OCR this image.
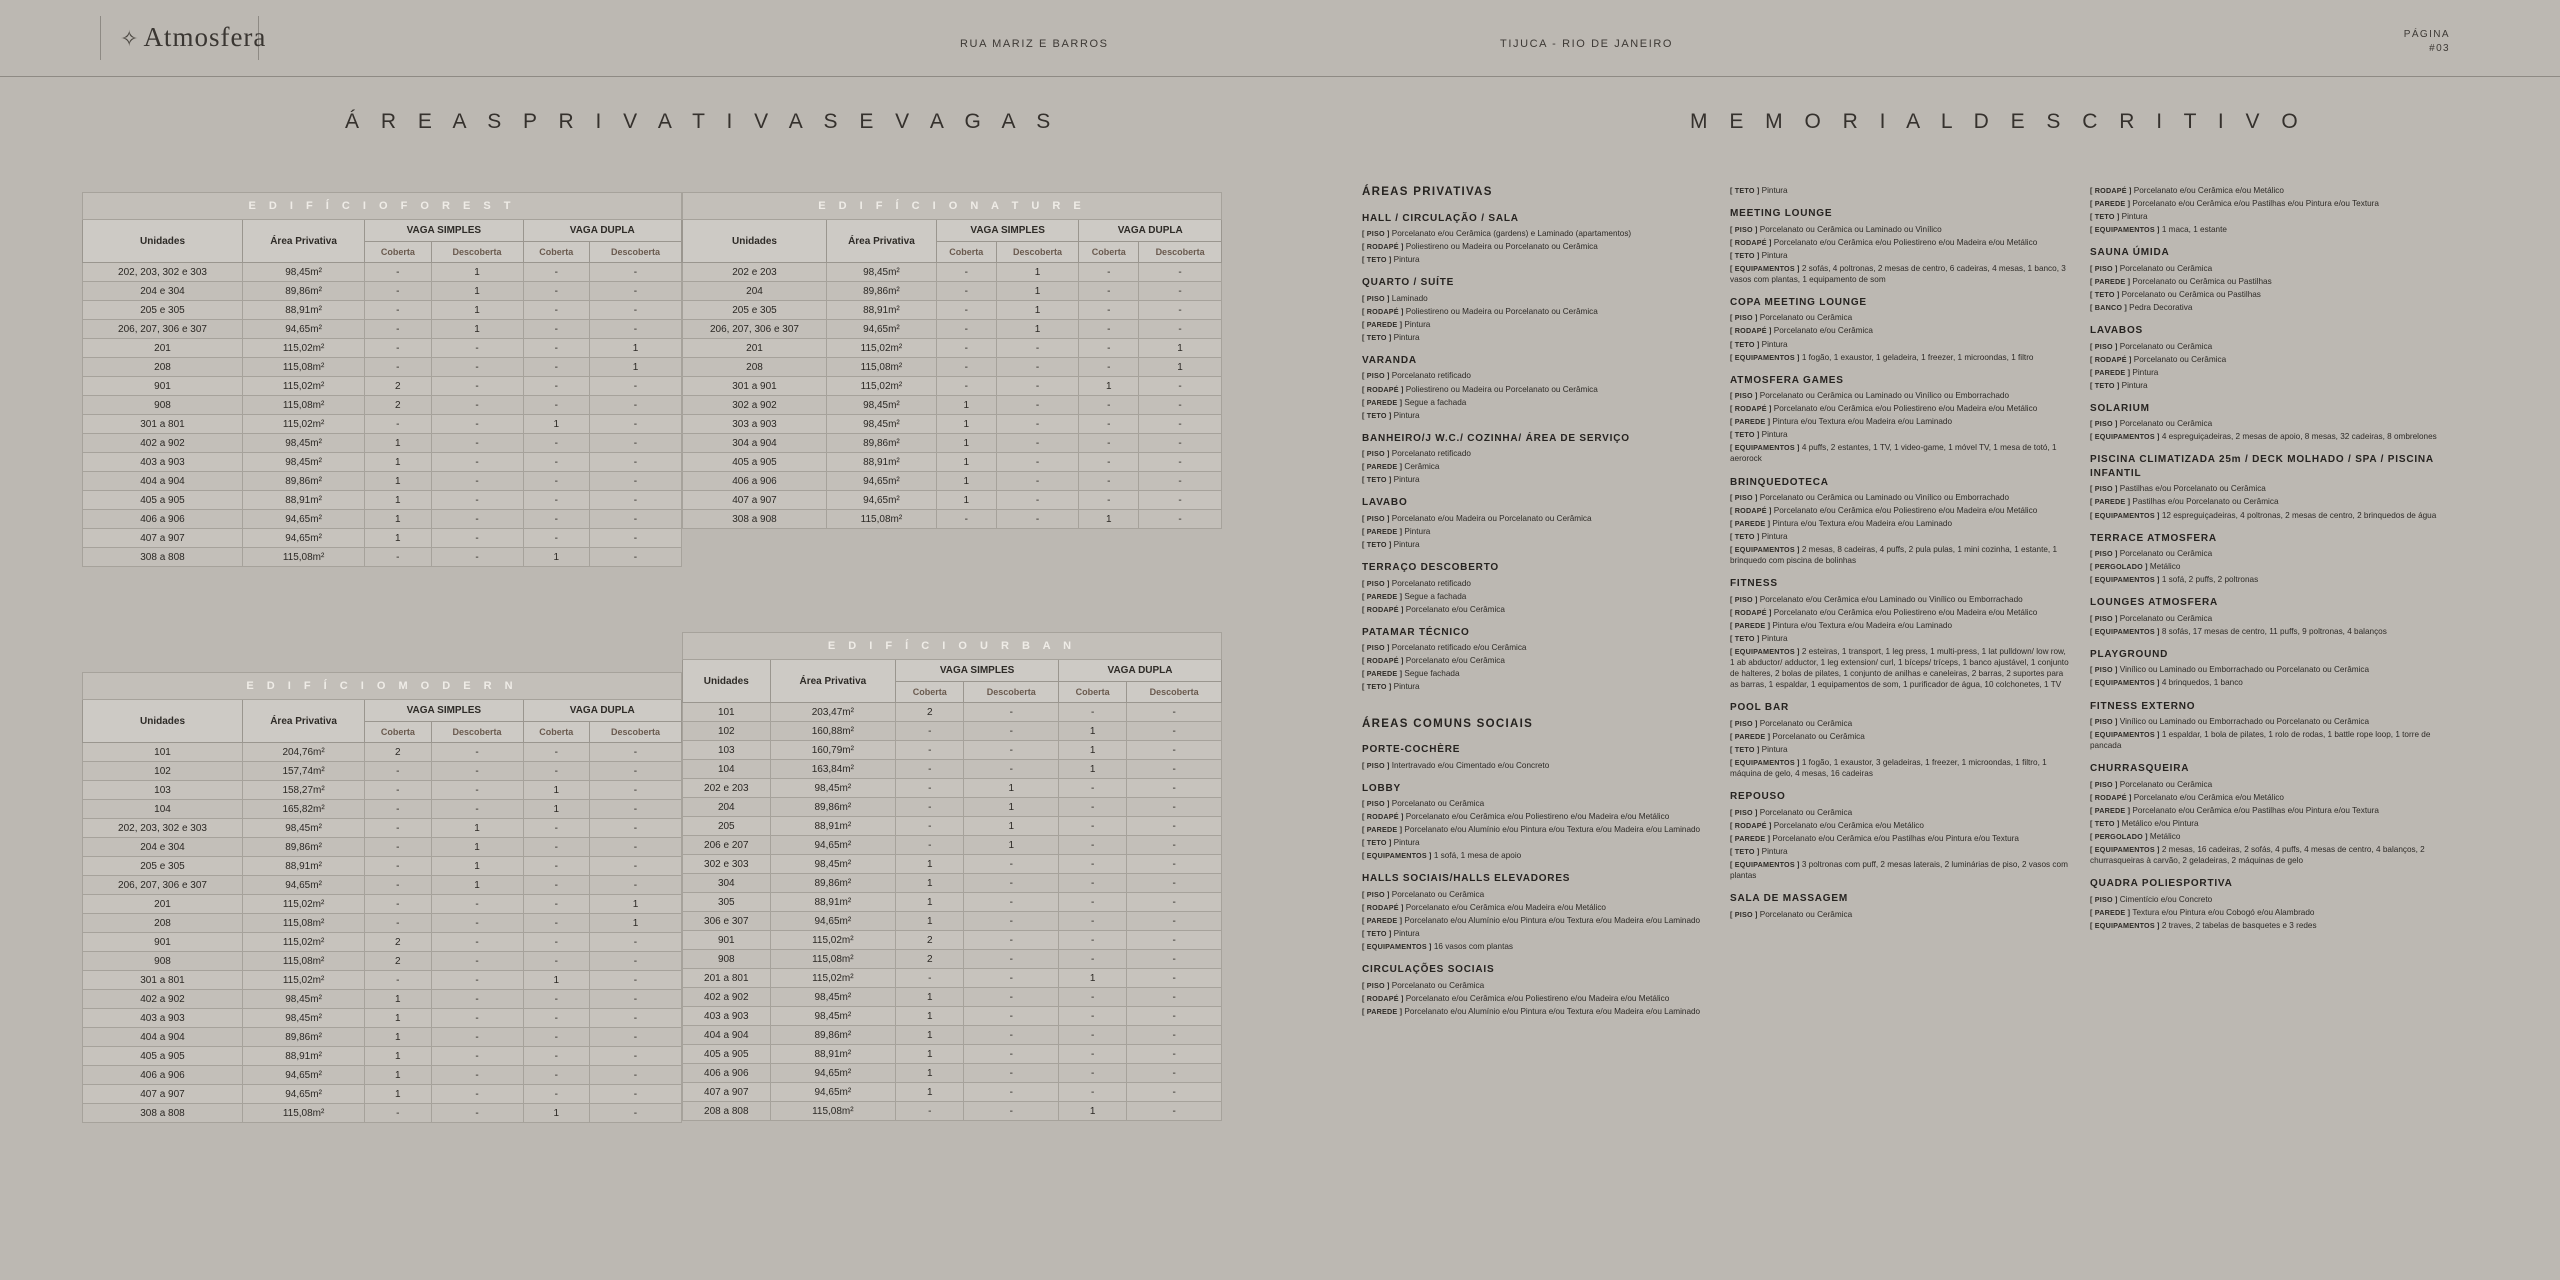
✧ Atmosfera	RUA MARIZ E BARROS	TIJUCA - RIO DE JANEIRO
PÁGINA
#03
Á R E A S P R I V A T I V A S E V A G A S	M E M O R I A L D E S C R I T I V O
E D I F Í C I O F O R E S T					
Unidades	Área Privativa	VAGA SIMPLES		VAGA DUPLA	
		Coberta	Descoberta	Coberta	Descoberta
202, 203, 302 e 303	98,45m²	-	1	-	-
204 e 304	89,86m²	-	1	-	-
205 e 305	88,91m²	-	1	-	-
206, 207, 306 e 307	94,65m²	-	1	-	-
201	115,02m²	-	-	-	1
208	115,08m²	-	-	-	1
901	115,02m²	2	-	-	-
908	115,08m²	2	-	-	-
301 a 801	115,02m²	-	-	1	-
402 a 902	98,45m²	1	-	-	-
403 a 903	98,45m²	1	-	-	-
404 a 904	89,86m²	1	-	-	-
405 a 905	88,91m²	1	-	-	-
406 a 906	94,65m²	1	-	-	-
407 a 907	94,65m²	1	-	-	-
308 a 808	115,08m²	-	-	1	-
E D I F Í C I O N A T U R E					
Unidades	Área Privativa	VAGA SIMPLES		VAGA DUPLA	
		Coberta	Descoberta	Coberta	Descoberta
202 e 203	98,45m²	-	1	-	-
204	89,86m²	-	1	-	-
205 e 305	88,91m²	-	1	-	-
206, 207, 306 e 307	94,65m²	-	1	-	-
201	115,02m²	-	-	-	1
208	115,08m²	-	-	-	1
301 a 901	115,02m²	-	-	1	-
302 a 902	98,45m²	1	-	-	-
303 a 903	98,45m²	1	-	-	-
304 a 904	89,86m²	1	-	-	-
405 a 905	88,91m²	1	-	-	-
406 a 906	94,65m²	1	-	-	-
407 a 907	94,65m²	1	-	-	-
308 a 908	115,08m²	-	-	1	-
E D I F Í C I O M O D E R N					
Unidades	Área Privativa	VAGA SIMPLES		VAGA DUPLA	
		Coberta	Descoberta	Coberta	Descoberta
101	204,76m²	2	-	-	-
102	157,74m²	-	-	-	-
103	158,27m²	-	-	1	-
104	165,82m²	-	-	1	-
202, 203, 302 e 303	98,45m²	-	1	-	-
204 e 304	89,86m²	-	1	-	-
205 e 305	88,91m²	-	1	-	-
206, 207, 306 e 307	94,65m²	-	1	-	-
201	115,02m²	-	-	-	1
208	115,08m²	-	-	-	1
901	115,02m²	2	-	-	-
908	115,08m²	2	-	-	-
301 a 801	115,02m²	-	-	1	-
402 a 902	98,45m²	1	-	-	-
403 a 903	98,45m²	1	-	-	-
404 a 904	89,86m²	1	-	-	-
405 a 905	88,91m²	1	-	-	-
406 a 906	94,65m²	1	-	-	-
407 a 907	94,65m²	1	-	-	-
308 a 808	115,08m²	-	-	1	-
E D I F Í C I O U R B A N					
Unidades	Área Privativa	VAGA SIMPLES		VAGA DUPLA	
		Coberta	Descoberta	Coberta	Descoberta
101	203,47m²	2	-	-	-
102	160,88m²	-	-	1	-
103	160,79m²	-	-	1	-
104	163,84m²	-	-	1	-
202 e 203	98,45m²	-	1	-	-
204	89,86m²	-	1	-	-
205	88,91m²	-	1	-	-
206 e 207	94,65m²	-	1	-	-
302 e 303	98,45m²	1	-	-	-
304	89,86m²	1	-	-	-
305	88,91m²	1	-	-	-
306 e 307	94,65m²	1	-	-	-
901	115,02m²	2	-	-	-
908	115,08m²	2	-	-	-
201 a 801	115,02m²	-	-	1	-
402 a 902	98,45m²	1	-	-	-
403 a 903	98,45m²	1	-	-	-
404 a 904	89,86m²	1	-	-	-
405 a 905	88,91m²	1	-	-	-
406 a 906	94,65m²	1	-	-	-
407 a 907	94,65m²	1	-	-	-
208 a 808	115,08m²	-	-	1	-
ÁREAS PRIVATIVAS
HALL / CIRCULAÇÃO / SALA

[ PISO ] Porcelanato e/ou Cerâmica (gardens) e Laminado (apartamentos)

[ RODAPÉ ] Poliestireno ou Madeira ou Porcelanato ou Cerâmica

[ TETO ] Pintura

QUARTO / SUÍTE

[ PISO ] Laminado

[ RODAPÉ ] Poliestireno ou Madeira ou Porcelanato ou Cerâmica

[ PAREDE ] Pintura

[ TETO ] Pintura

VARANDA

[ PISO ] Porcelanato retificado

[ RODAPÉ ] Poliestireno ou Madeira ou Porcelanato ou Cerâmica

[ PAREDE ] Segue a fachada

[ TETO ] Pintura

BANHEIRO/J W.C./ COZINHA/ ÁREA DE SERVIÇO

[ PISO ] Porcelanato retificado

[ PAREDE ] Cerâmica

[ TETO ] Pintura

LAVABO

[ PISO ] Porcelanato e/ou Madeira ou Porcelanato ou Cerâmica

[ PAREDE ] Pintura

[ TETO ] Pintura

TERRAÇO DESCOBERTO

[ PISO ] Porcelanato retificado

[ PAREDE ] Segue a fachada

[ RODAPÉ ] Porcelanato e/ou Cerâmica

PATAMAR TÉCNICO

[ PISO ] Porcelanato retificado e/ou Cerâmica

[ RODAPÉ ] Porcelanato e/ou Cerâmica

[ PAREDE ] Segue fachada

[ TETO ] Pintura

ÁREAS COMUNS SOCIAIS
PORTE-COCHÈRE

[ PISO ] Intertravado e/ou Cimentado e/ou Concreto

LOBBY

[ PISO ] Porcelanato ou Cerâmica

[ RODAPÉ ] Porcelanato e/ou Cerâmica e/ou Poliestireno e/ou Madeira e/ou Metálico

[ PAREDE ] Porcelanato e/ou Alumínio e/ou Pintura e/ou Textura e/ou Madeira e/ou Laminado

[ TETO ] Pintura

[ EQUIPAMENTOS ] 1 sofá, 1 mesa de apoio

HALLS SOCIAIS/HALLS ELEVADORES

[ PISO ] Porcelanato ou Cerâmica

[ RODAPÉ ] Porcelanato e/ou Cerâmica e/ou Madeira e/ou Metálico

[ PAREDE ] Porcelanato e/ou Alumínio e/ou Pintura e/ou Textura e/ou Madeira e/ou Laminado

[ TETO ] Pintura

[ EQUIPAMENTOS ] 16 vasos com plantas

CIRCULAÇÕES SOCIAIS

[ PISO ] Porcelanato ou Cerâmica

[ RODAPÉ ] Porcelanato e/ou Cerâmica e/ou Poliestireno e/ou Madeira e/ou Metálico

[ PAREDE ] Porcelanato e/ou Alumínio e/ou Pintura e/ou Textura e/ou Madeira e/ou Laminado

[ TETO ] Pintura

MEETING LOUNGE

[ PISO ] Porcelanato ou Cerâmica ou Laminado ou Vinílico

[ RODAPÉ ] Porcelanato e/ou Cerâmica e/ou Poliestireno e/ou Madeira e/ou Metálico

[ TETO ] Pintura

[ EQUIPAMENTOS ] 2 sofás, 4 poltronas, 2 mesas de centro, 6 cadeiras, 4 mesas, 1 banco, 3 vasos com plantas, 1 equipamento de som

COPA MEETING LOUNGE

[ PISO ] Porcelanato ou Cerâmica

[ RODAPÉ ] Porcelanato e/ou Cerâmica

[ TETO ] Pintura

[ EQUIPAMENTOS ] 1 fogão, 1 exaustor, 1 geladeira, 1 freezer, 1 microondas, 1 filtro

ATMOSFERA GAMES

[ PISO ] Porcelanato ou Cerâmica ou Laminado ou Vinílico ou Emborrachado

[ RODAPÉ ] Porcelanato e/ou Cerâmica e/ou Poliestireno e/ou Madeira e/ou Metálico

[ PAREDE ] Pintura e/ou Textura e/ou Madeira e/ou Laminado

[ TETO ] Pintura

[ EQUIPAMENTOS ] 4 puffs, 2 estantes, 1 TV, 1 video-game, 1 móvel TV, 1 mesa de totó, 1 aerorock

BRINQUEDOTECA

[ PISO ] Porcelanato ou Cerâmica ou Laminado ou Vinílico ou Emborrachado

[ RODAPÉ ] Porcelanato e/ou Cerâmica e/ou Poliestireno e/ou Madeira e/ou Metálico

[ PAREDE ] Pintura e/ou Textura e/ou Madeira e/ou Laminado

[ TETO ] Pintura

[ EQUIPAMENTOS ] 2 mesas, 8 cadeiras, 4 puffs, 2 pula pulas, 1 mini cozinha, 1 estante, 1 brinquedo com piscina de bolinhas

FITNESS

[ PISO ] Porcelanato e/ou Cerâmica e/ou Laminado ou Vinílico ou Emborrachado

[ RODAPÉ ] Porcelanato e/ou Cerâmica e/ou Poliestireno e/ou Madeira e/ou Metálico

[ PAREDE ] Pintura e/ou Textura e/ou Madeira e/ou Laminado

[ TETO ] Pintura

[ EQUIPAMENTOS ] 2 esteiras, 1 transport, 1 leg press, 1 multi-press, 1 lat pulldown/ low row, 1 ab abductor/ adductor, 1 leg extension/ curl, 1 bíceps/ tríceps, 1 banco ajustável, 1 conjunto de halteres, 2 bolas de pilates, 1 conjunto de anilhas e caneleiras, 2 barras, 2 suportes para as barras, 1 espaldar, 1 equipamentos de som, 1 purificador de água, 10 colchonetes, 1 TV

POOL BAR

[ PISO ] Porcelanato ou Cerâmica

[ PAREDE ] Porcelanato ou Cerâmica

[ TETO ] Pintura

[ EQUIPAMENTOS ] 1 fogão, 1 exaustor, 3 geladeiras, 1 freezer, 1 microondas, 1 filtro, 1 máquina de gelo, 4 mesas, 16 cadeiras

REPOUSO

[ PISO ] Porcelanato ou Cerâmica

[ RODAPÉ ] Porcelanato e/ou Cerâmica e/ou Metálico

[ PAREDE ] Porcelanato e/ou Cerâmica e/ou Pastilhas e/ou Pintura e/ou Textura

[ TETO ] Pintura

[ EQUIPAMENTOS ] 3 poltronas com puff, 2 mesas laterais, 2 luminárias de piso, 2 vasos com plantas

SALA DE MASSAGEM

[ PISO ] Porcelanato ou Cerâmica

[ RODAPÉ ] Porcelanato e/ou Cerâmica e/ou Metálico

[ PAREDE ] Porcelanato e/ou Cerâmica e/ou Pastilhas e/ou Pintura e/ou Textura

[ TETO ] Pintura

[ EQUIPAMENTOS ] 1 maca, 1 estante

SAUNA ÚMIDA

[ PISO ] Porcelanato ou Cerâmica

[ PAREDE ] Porcelanato ou Cerâmica ou Pastilhas

[ TETO ] Porcelanato ou Cerâmica ou Pastilhas

[ BANCO ] Pedra Decorativa

LAVABOS

[ PISO ] Porcelanato ou Cerâmica

[ RODAPÉ ] Porcelanato ou Cerâmica

[ PAREDE ] Pintura

[ TETO ] Pintura

SOLARIUM

[ PISO ] Porcelanato ou Cerâmica

[ EQUIPAMENTOS ] 4 espreguiçadeiras, 2 mesas de apoio, 8 mesas, 32 cadeiras, 8 ombrelones

PISCINA CLIMATIZADA 25m / DECK MOLHADO / SPA / PISCINA INFANTIL

[ PISO ] Pastilhas e/ou Porcelanato ou Cerâmica

[ PAREDE ] Pastilhas e/ou Porcelanato ou Cerâmica

[ EQUIPAMENTOS ] 12 espreguiçadeiras, 4 poltronas, 2 mesas de centro, 2 brinquedos de água

TERRACE ATMOSFERA

[ PISO ] Porcelanato ou Cerâmica

[ PERGOLADO ] Metálico

[ EQUIPAMENTOS ] 1 sofá, 2 puffs, 2 poltronas

LOUNGES ATMOSFERA

[ PISO ] Porcelanato ou Cerâmica

[ EQUIPAMENTOS ] 8 sofás, 17 mesas de centro, 11 puffs, 9 poltronas, 4 balanços

PLAYGROUND

[ PISO ] Vinílico ou Laminado ou Emborrachado ou Porcelanato ou Cerâmica

[ EQUIPAMENTOS ] 4 brinquedos, 1 banco

FITNESS EXTERNO

[ PISO ] Vinílico ou Laminado ou Emborrachado ou Porcelanato ou Cerâmica

[ EQUIPAMENTOS ] 1 espaldar, 1 bola de pilates, 1 rolo de rodas, 1 battle rope loop, 1 torre de pancada

CHURRASQUEIRA

[ PISO ] Porcelanato ou Cerâmica

[ RODAPÉ ] Porcelanato e/ou Cerâmica e/ou Metálico

[ PAREDE ] Porcelanato e/ou Cerâmica e/ou Pastilhas e/ou Pintura e/ou Textura

[ TETO ] Metálico e/ou Pintura

[ PERGOLADO ] Metálico

[ EQUIPAMENTOS ] 2 mesas, 16 cadeiras, 2 sofás, 4 puffs, 4 mesas de centro, 4 balanços, 2 churrasqueiras à carvão, 2 geladeiras, 2 máquinas de gelo

QUADRA POLIESPORTIVA

[ PISO ] Cimentício e/ou Concreto

[ PAREDE ] Textura e/ou Pintura e/ou Cobogó e/ou Alambrado

[ EQUIPAMENTOS ] 2 traves, 2 tabelas de basquetes e 3 redes
